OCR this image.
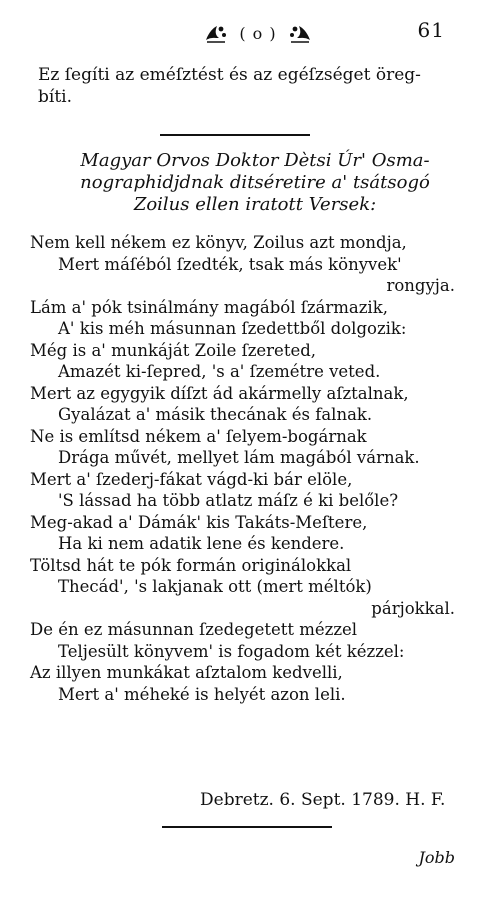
( o )	61
Ez ſegíti az eméſztést és az egéſzséget öreg-
bíti.
Magyar Orvos Doktor Dètsi Úr' Osma-
nographidjdnak ditséretire a' tsátsogó
Zoilus ellen iratott Versek:
Nem kell nékem ez könyv, Zoilus azt mondja,
Mert máſéból ſzedték, tsak más könyvek'
rongyja.
Lám a' pók tsinálmány magából ſzármazik,
A' kis méh másunnan ſzedettből dolgozik:
Még is a' munkáját Zoile ſzereted,
Amazét ki-ſepred, 's a' ſzemétre veted.
Mert az egygyik díſzt ád akármelly aſztalnak,
Gyalázat a' másik thecának és falnak.
Ne is említsd nékem a' ſelyem-bogárnak
Drága művét, mellyet lám magából várnak.
Mert a' ſzederj-fákat vágd-ki bár elöle,
'S lássad ha több atlatz máſz é ki belőle?
Meg-akad a' Dámák' kis Takáts-Meſtere,
Ha ki nem adatik lene és kendere.
Töltsd hát te pók formán originálokkal
Thecád', 's lakjanak ott (mert méltók)
párjokkal.
De én ez másunnan ſzedegetett mézzel
Teljesült könyvem' is fogadom két kézzel:
Az illyen munkákat aſztalom kedvelli,
Mert a' méheké is helyét azon leli.
Debretz. 6. Sept. 1789. H. F.
Jobb
